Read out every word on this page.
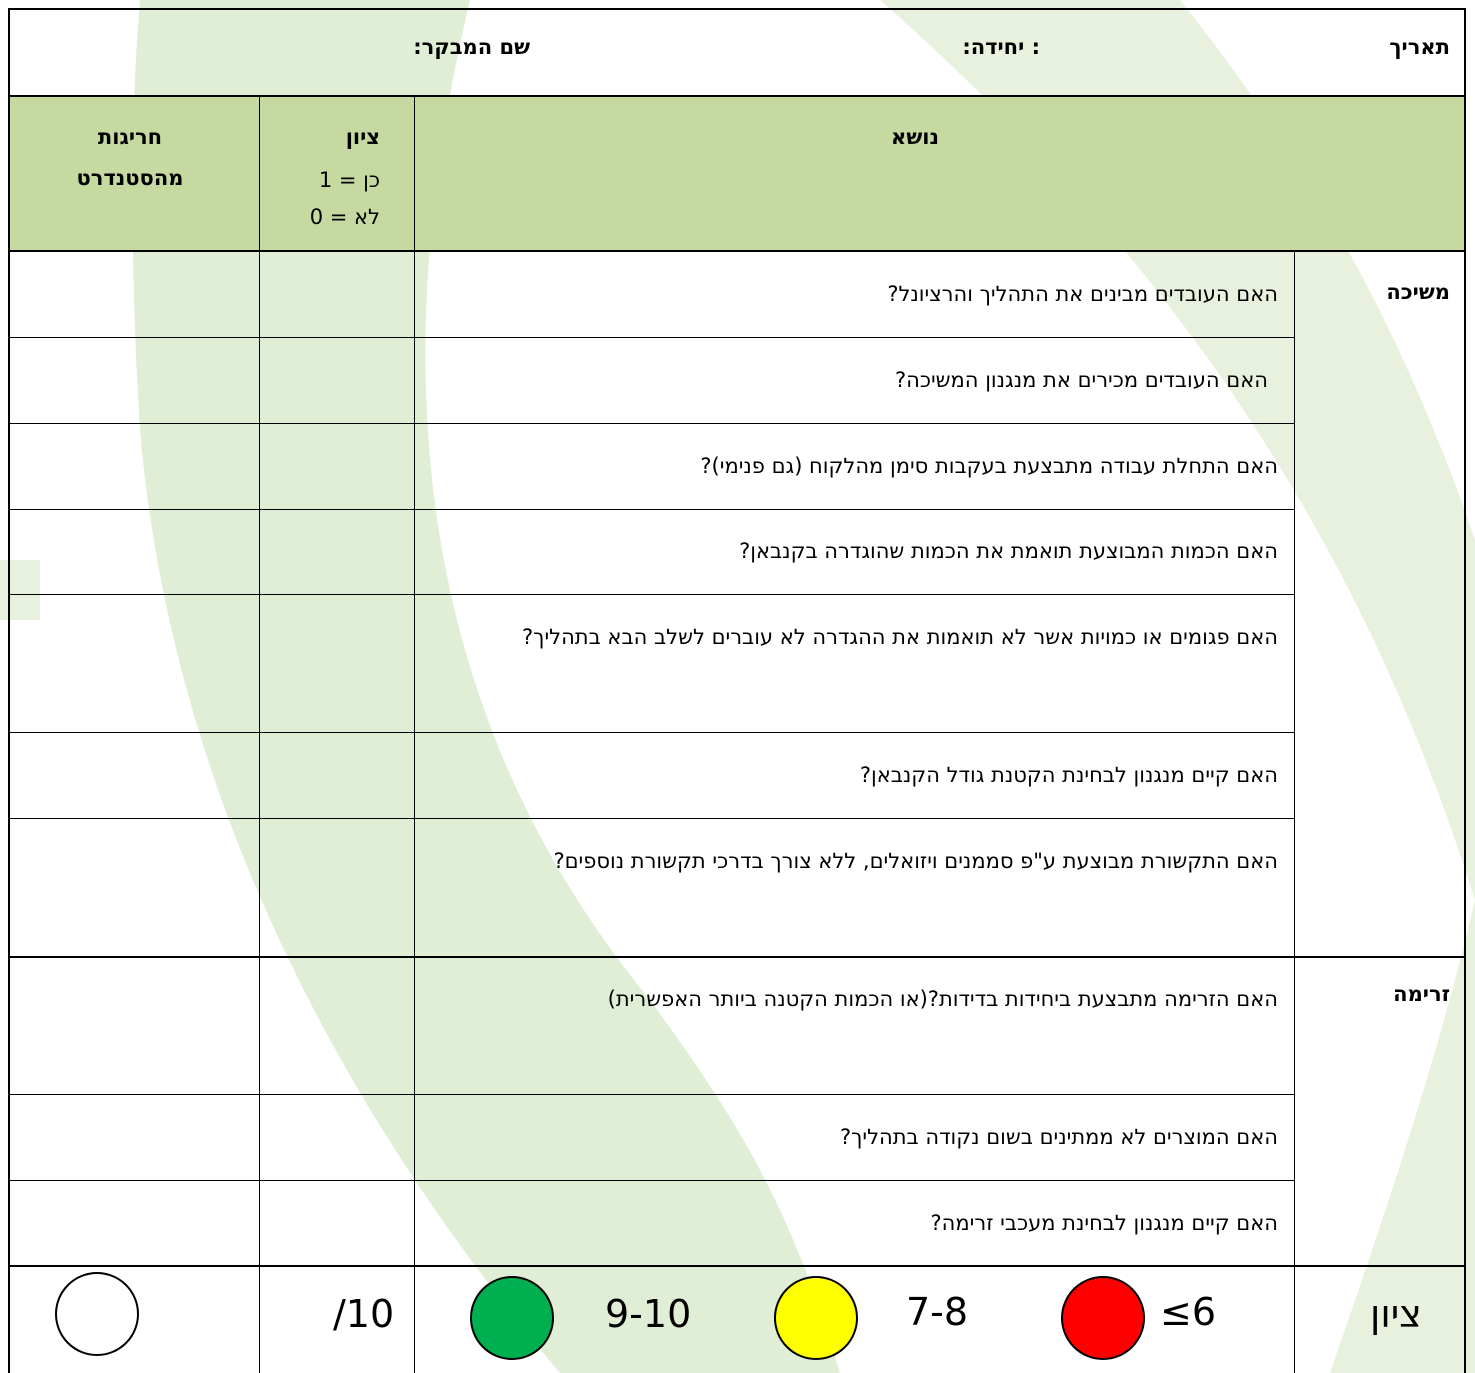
תאריך
: יחידה:
שם המבקר:
נושא
ציון
כן = 1
לא = 0
חריגות
מהסטנדרט
משיכה
זרימה
האם העובדים מבינים את התהליך והרציונל?
האם העובדים מכירים את מנגנון המשיכה?
האם התחלת עבודה מתבצעת בעקבות סימן מהלקוח (גם פנימי)?
האם הכמות המבוצעת תואמת את הכמות שהוגדרה בקנבאן?
האם פגומים או כמויות אשר לא תואמות את ההגדרה לא עוברים לשלב הבא בתהליך?
האם קיים מנגנון לבחינת הקטנת גודל הקנבאן?
האם התקשורת מבוצעת ע"פ סממנים ויזואלים, ללא צורך בדרכי תקשורת נוספים?
האם הזרימה מתבצעת ביחידות בדידות?(או הכמות הקטנה ביותר האפשרית)
האם המוצרים לא ממתינים בשום נקודה בתהליך?
האם קיים מנגנון לבחינת מעכבי זרימה?
ציון
≤6
7-8
9-10
/10
